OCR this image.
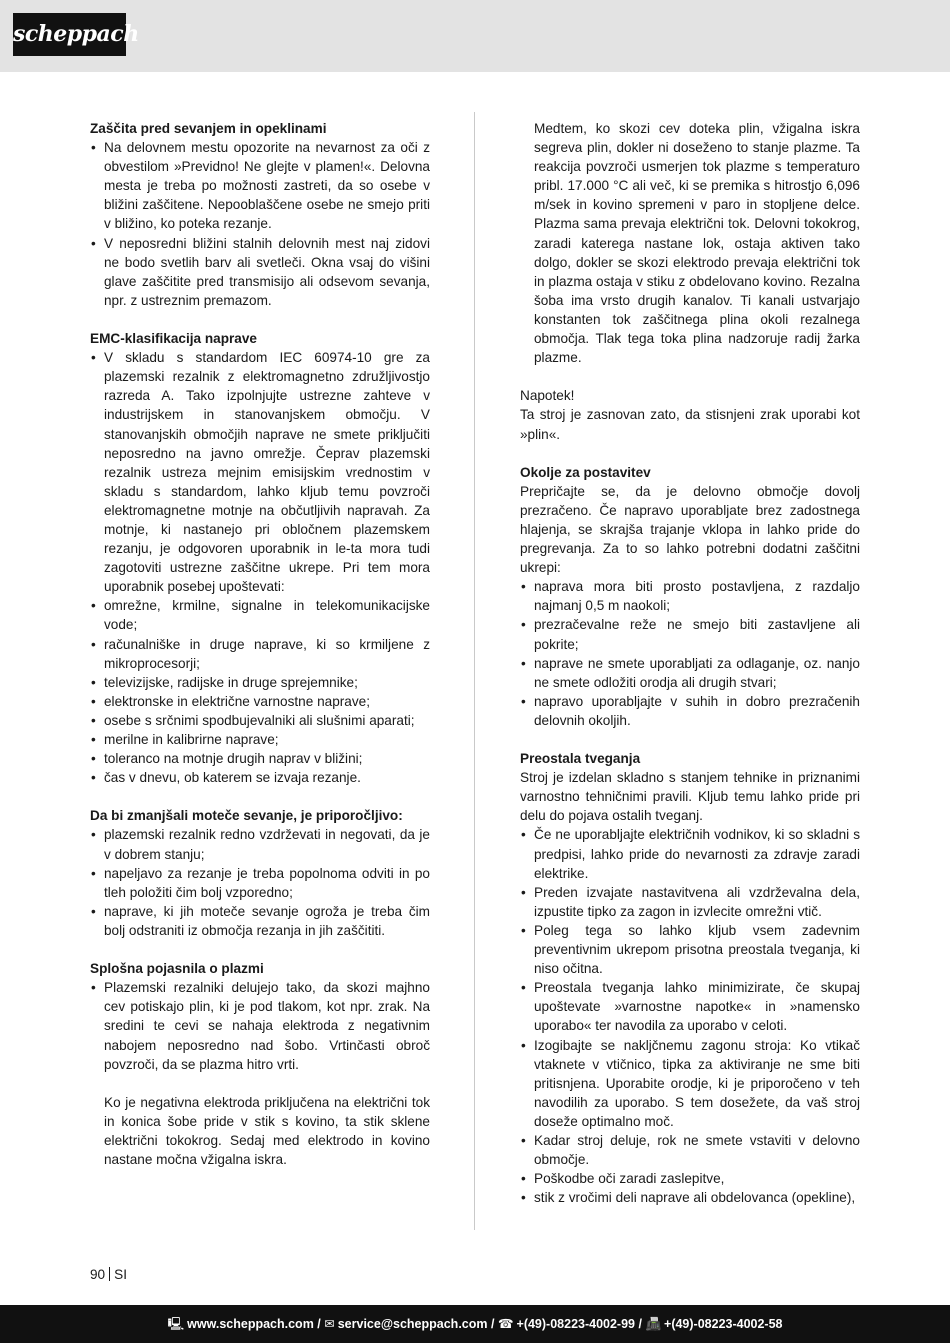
scheppach
Zaščita pred sevanjem in opeklinami
• Na delovnem mestu opozorite na nevarnost za oči z obvestilom »Previdno! Ne glejte v plamen!«. Delovna mesta je treba po možnosti zastreti, da so osebe v bližini zaščitene. Nepooblaščene osebe ne smejo priti v bližino, ko poteka rezanje.
• V neposredni bližini stalnih delovnih mest naj zidovi ne bodo svetlih barv ali svetleči. Okna vsaj do višini glave zaščitite pred transmisijo ali odsevom sevanja, npr. z ustreznim premazom.
EMC-klasifikacija naprave
• V skladu s standardom IEC 60974-10 gre za plazemski rezalnik z elektromagnetno združljivostjo razreda A. Tako izpolnjujte ustrezne zahteve v industrijskem in stanovanjskem območju. V stanovanjskih območjih naprave ne smete priključiti neposredno na javno omrežje. Čeprav plazemski rezalnik ustreza mejnim emisijskim vrednostim v skladu s standardom, lahko kljub temu povzroči elektromagnetne motnje na občutljivih napravah. Za motnje, ki nastanejo pri obločnem plazemskem rezanju, je odgovoren uporabnik in le-ta mora tudi zagotoviti ustrezne zaščitne ukrepe. Pri tem mora uporabnik posebej upoštevati:
• omrežne, krmilne, signalne in telekomunikacijske vode;
• računalniške in druge naprave, ki so krmiljene z mikroprocesorji;
• televizijske, radijske in druge sprejemnike;
• elektronske in električne varnostne naprave;
• osebe s srčnimi spodbujevalniki ali slušnimi aparati;
• merilne in kalibrirne naprave;
• toleranco na motnje drugih naprav v bližini;
• čas v dnevu, ob katerem se izvaja rezanje.
Da bi zmanjšali moteče sevanje, je priporočljivo:
• plazemski rezalnik redno vzdrževati in negovati, da je v dobrem stanju;
• napeljavo za rezanje je treba popolnoma odviti in po tleh položiti čim bolj vzporedno;
• naprave, ki jih moteče sevanje ogroža je treba čim bolj odstraniti iz območja rezanja in jih zaščititi.
Splošna pojasnila o plazmi
• Plazemski rezalniki delujejo tako, da skozi majhno cev potiskajo plin, ki je pod tlakom, kot npr. zrak. Na sredini te cevi se nahaja elektroda z negativnim nabojem neposredno nad šobo. Vrtinčasti obroč povzroči, da se plazma hitro vrti.
Ko je negativna elektroda priključena na električni tok in konica šobe pride v stik s kovino, ta stik sklene električni tokokrog. Sedaj med elektrodo in kovino nastane močna vžigalna iskra.
Medtem, ko skozi cev doteka plin, vžigalna iskra segreva plin, dokler ni doseženo to stanje plazme. Ta reakcija povzroči usmerjen tok plazme s temperaturo pribl. 17.000 °C ali več, ki se premika s hitrostjo 6,096 m/sek in kovino spremeni v paro in stopljene delce. Plazma sama prevaja električni tok. Delovni tokokrog, zaradi katerega nastane lok, ostaja aktiven tako dolgo, dokler se skozi elektrodo prevaja električni tok in plazma ostaja v stiku z obdelovano kovino. Rezalna šoba ima vrsto drugih kanalov. Ti kanali ustvarjajo konstanten tok zaščitnega plina okoli rezalnega območja. Tlak tega toka plina nadzoruje radij žarka plazme.
Napotek!
Ta stroj je zasnovan zato, da stisnjeni zrak uporabi kot »plin«.
Okolje za postavitev
Prepričajte se, da je delovno območje dovolj prezračeno. Če napravo uporabljate brez zadostnega hlajenja, se skrajša trajanje vklopa in lahko pride do pregrevanja. Za to so lahko potrebni dodatni zaščitni ukrepi:
• naprava mora biti prosto postavljena, z razdaljo najmanj 0,5 m naokoli;
• prezračevalne reže ne smejo biti zastavljene ali pokrite;
• naprave ne smete uporabljati za odlaganje, oz. nanjo ne smete odložiti orodja ali drugih stvari;
• napravo uporabljajte v suhih in dobro prezračenih delovnih okoljih.
Preostala tveganja
Stroj je izdelan skladno s stanjem tehnike in priznanimi varnostno tehničnimi pravili. Kljub temu lahko pride pri delu do pojava ostalih tveganj.
• Če ne uporabljajte električnih vodnikov, ki so skladni s predpisi, lahko pride do nevarnosti za zdravje zaradi elektrike.
• Preden izvajate nastavitvena ali vzdrževalna dela, izpustite tipko za zagon in izvlecite omrežni vtič.
• Poleg tega so lahko kljub vsem zadevnim preventivnim ukrepom prisotna preostala tveganja, ki niso očitna.
• Preostala tveganja lahko minimizirate, če skupaj upoštevate »varnostne napotke« in »namensko uporabo« ter navodila za uporabo v celoti.
• Izogibajte se nakljčnemu zagonu stroja: Ko vtikač vtaknete v vtičnico, tipka za aktiviranje ne sme biti pritisnjena. Uporabite orodje, ki je priporočeno v teh navodilih za uporabo. S tem dosežete, da vaš stroj doseže optimalno moč.
• Kadar stroj deluje, rok ne smete vstaviti v delovno območje.
• Poškodbe oči zaradi zaslepitve,
• stik z vročimi deli naprave ali obdelovanca (opekline),
90 SI
🖳 www.scheppach.com / ✉ service@scheppach.com / ☎ +(49)-08223-4002-99 / 📠 +(49)-08223-4002-58
